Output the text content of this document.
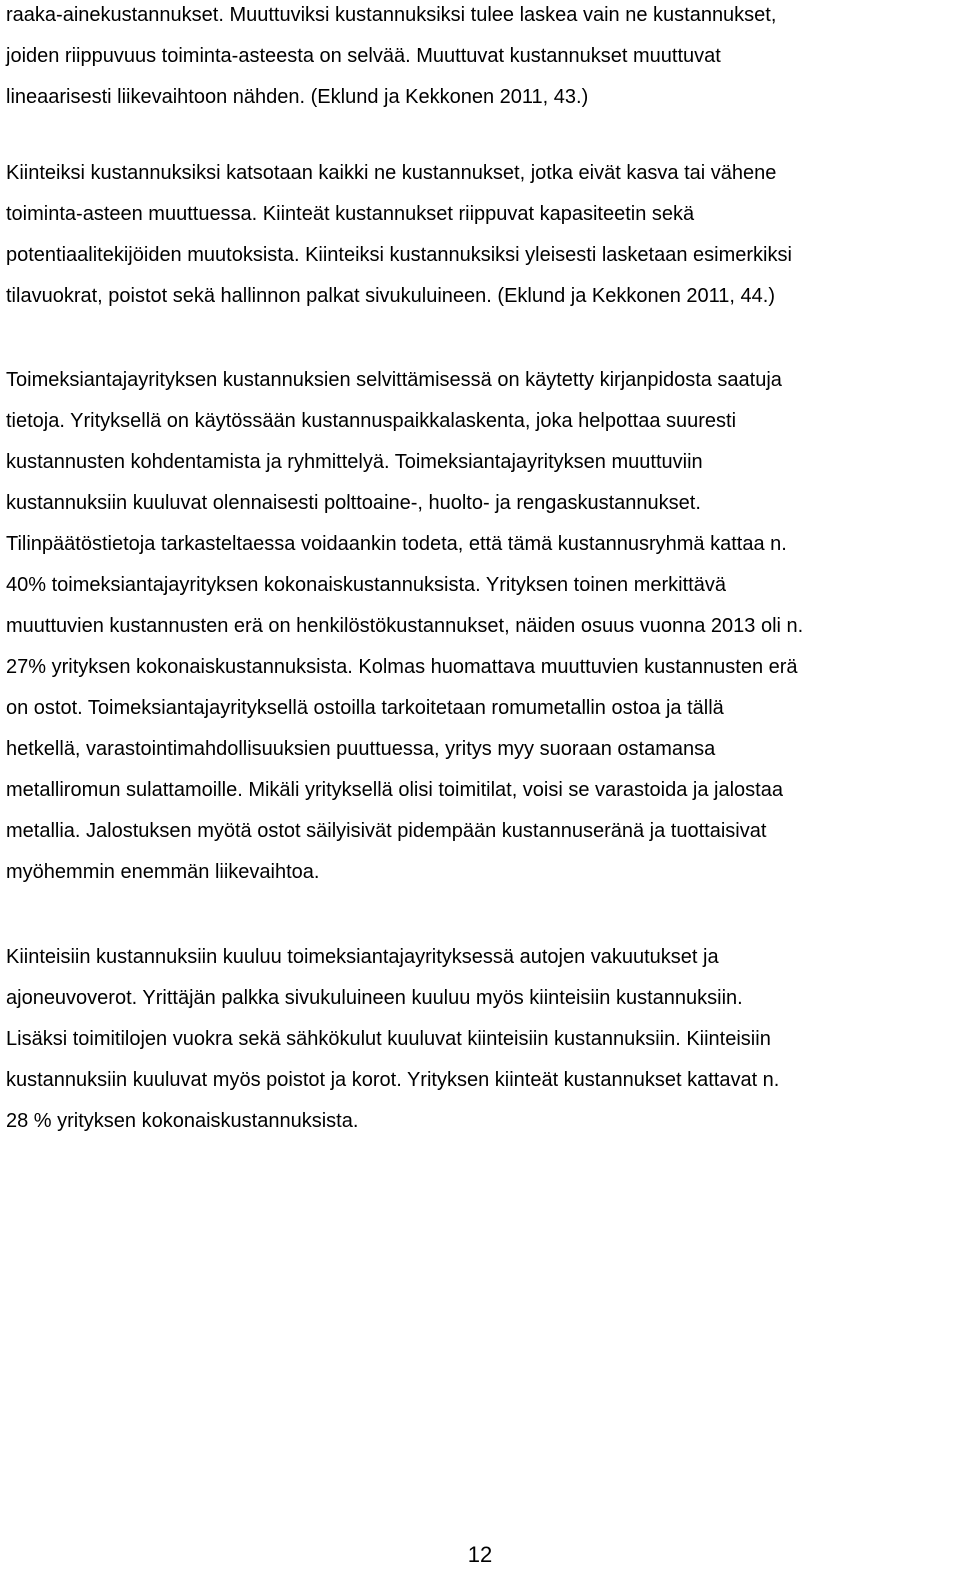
raaka-ainekustannukset. Muuttuviksi kustannuksiksi tulee laskea vain ne kustannukset,
joiden riippuvuus toiminta-asteesta on selvää. Muuttuvat kustannukset muuttuvat
lineaarisesti liikevaihtoon nähden. (Eklund ja Kekkonen 2011, 43.)
Kiinteiksi kustannuksiksi katsotaan kaikki ne kustannukset, jotka eivät kasva tai vähene
toiminta-asteen muuttuessa. Kiinteät kustannukset riippuvat kapasiteetin sekä
potentiaalitekijöiden muutoksista. Kiinteiksi kustannuksiksi yleisesti lasketaan esimerkiksi
tilavuokrat, poistot sekä hallinnon palkat sivukuluineen. (Eklund ja Kekkonen 2011, 44.)
Toimeksiantajayrityksen kustannuksien selvittämisessä on käytetty kirjanpidosta saatuja
tietoja. Yrityksellä on käytössään kustannuspaikkalaskenta, joka helpottaa suuresti
kustannusten kohdentamista ja ryhmittelyä. Toimeksiantajayrityksen muuttuviin
kustannuksiin kuuluvat olennaisesti polttoaine-, huolto- ja rengaskustannukset.
Tilinpäätöstietoja tarkasteltaessa voidaankin todeta, että tämä kustannusryhmä kattaa n.
40% toimeksiantajayrityksen kokonaiskustannuksista. Yrityksen toinen merkittävä
muuttuvien kustannusten erä on henkilöstökustannukset, näiden osuus vuonna 2013 oli n.
27% yrityksen kokonaiskustannuksista. Kolmas huomattava muuttuvien kustannusten erä
on ostot. Toimeksiantajayrityksellä ostoilla tarkoitetaan romumetallin ostoa ja tällä
hetkellä, varastointimahdollisuuksien puuttuessa, yritys myy suoraan ostamansa
metalliromun sulattamoille. Mikäli yrityksellä olisi toimitilat, voisi se varastoida ja jalostaa
metallia. Jalostuksen myötä ostot säilyisivät pidempään kustannuseränä ja tuottaisivat
myöhemmin enemmän liikevaihtoa.
Kiinteisiin kustannuksiin kuuluu toimeksiantajayrityksessä autojen vakuutukset ja
ajoneuvoverot. Yrittäjän palkka sivukuluineen kuuluu myös kiinteisiin kustannuksiin.
Lisäksi toimitilojen vuokra sekä sähkökulut kuuluvat kiinteisiin kustannuksiin. Kiinteisiin
kustannuksiin kuuluvat myös poistot ja korot. Yrityksen kiinteät kustannukset kattavat n.
28 % yrityksen kokonaiskustannuksista.
12
